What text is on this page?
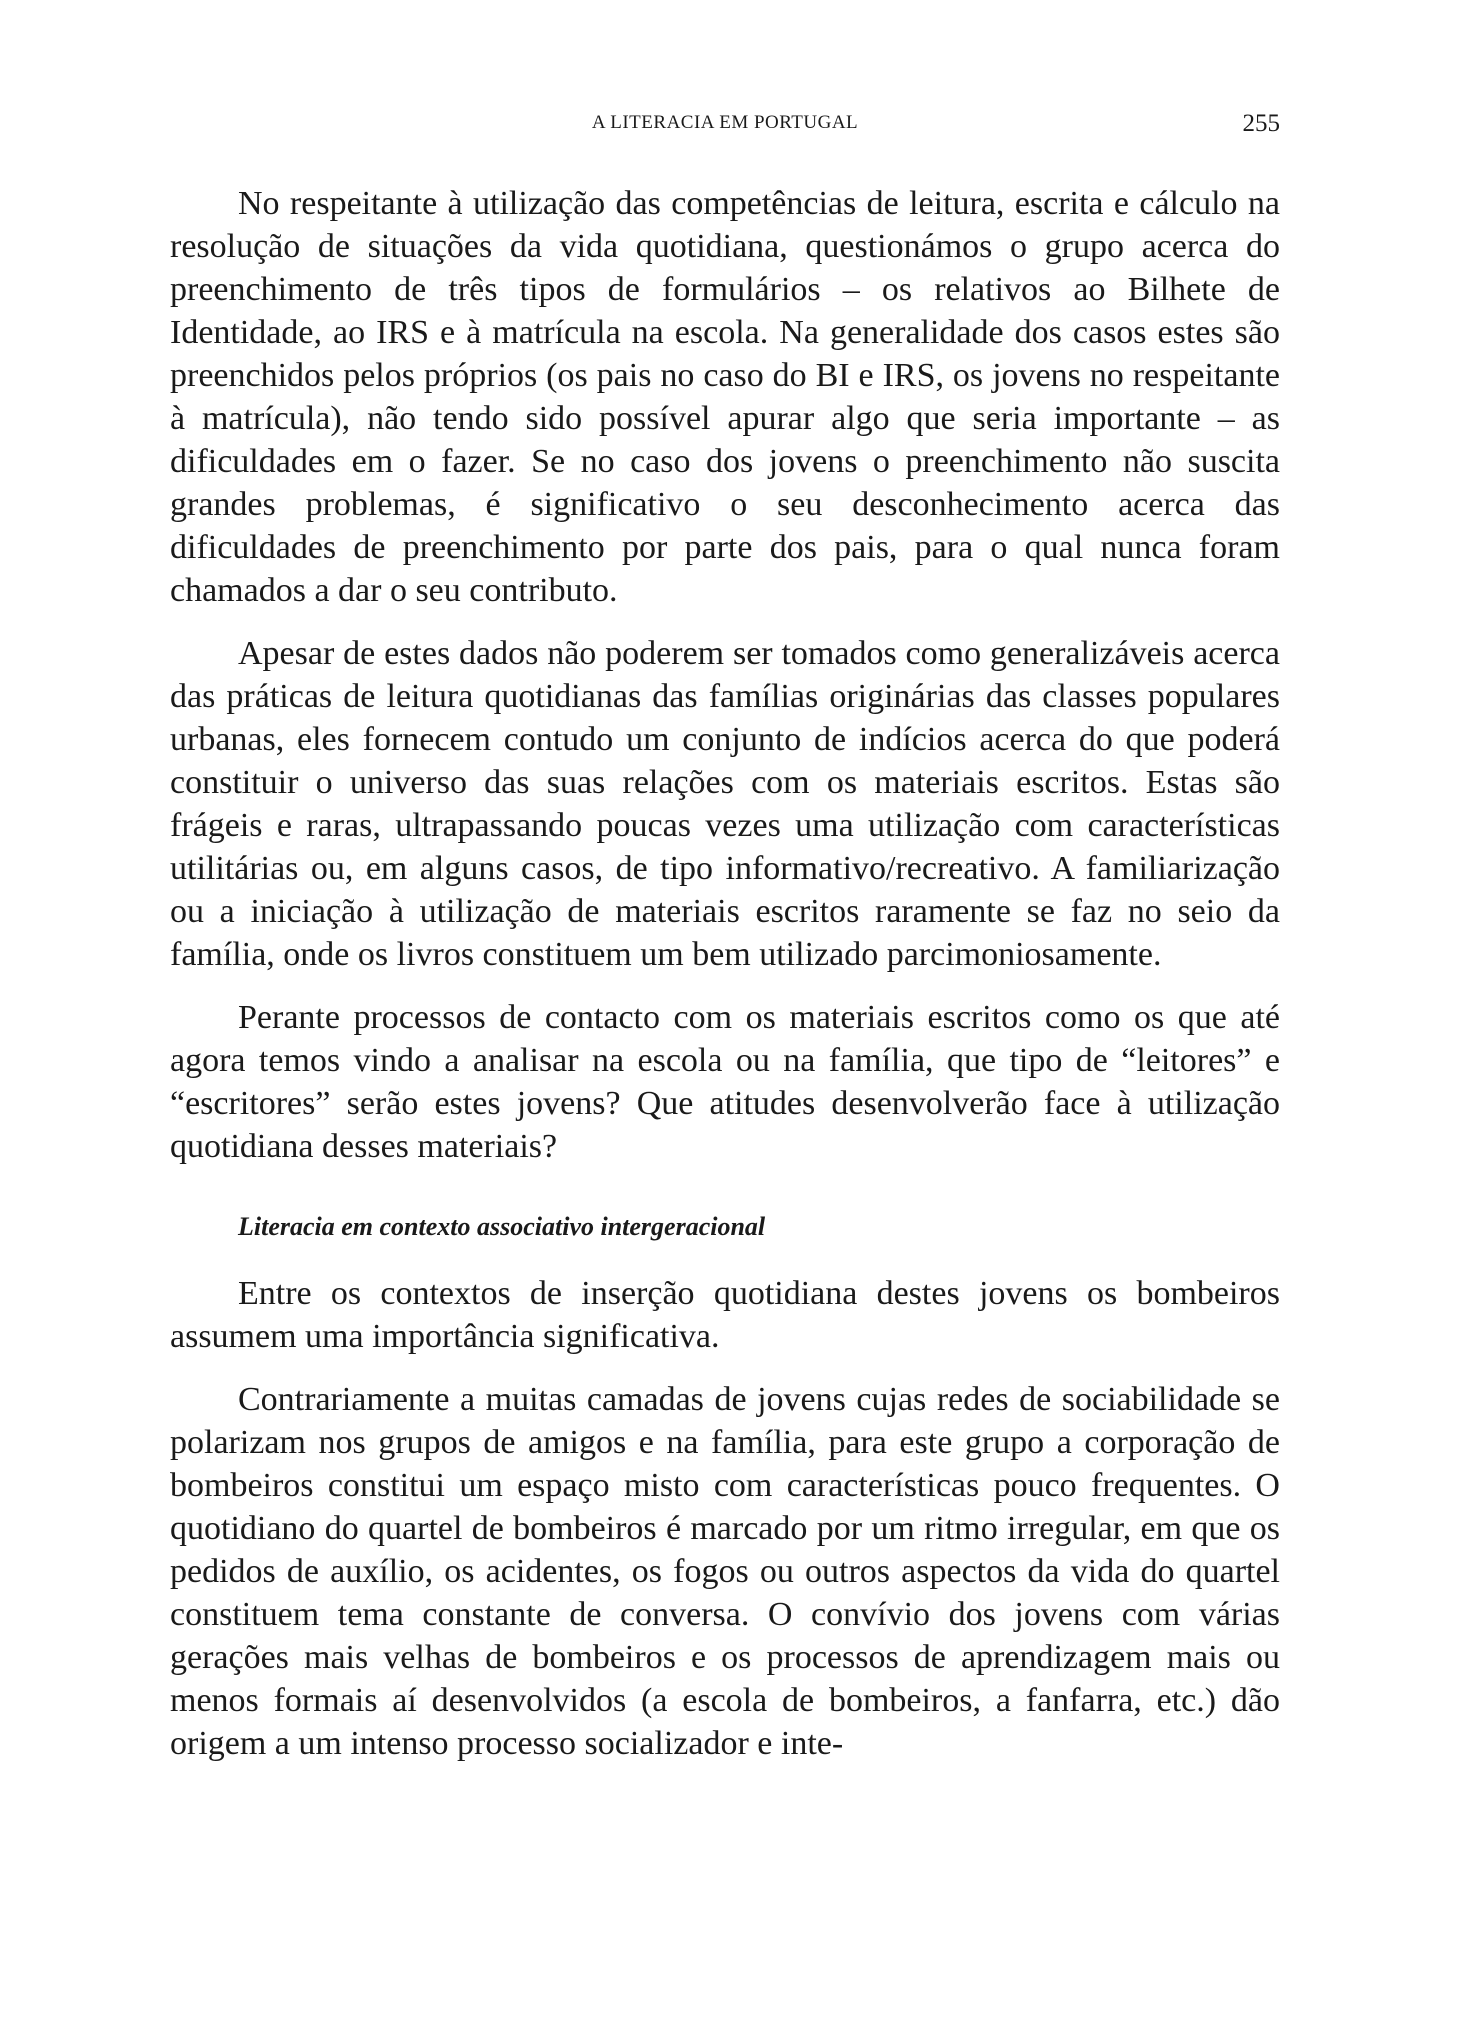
A LITERACIA EM PORTUGAL	255

No respeitante à utilização das competências de leitura, escrita e cálculo na resolução de situações da vida quotidiana, questionámos o grupo acerca do preenchimento de três tipos de formulários – os relativos ao Bilhete de Identidade, ao IRS e à matrícula na escola. Na generalidade dos casos estes são preenchidos pelos próprios (os pais no caso do BI e IRS, os jovens no respeitante à matrícula), não tendo sido possível apurar algo que seria importante – as dificuldades em o fazer. Se no caso dos jovens o preenchimento não suscita grandes problemas, é significativo o seu desconhecimento acerca das dificuldades de preenchimento por parte dos pais, para o qual nunca foram chamados a dar o seu contributo.

Apesar de estes dados não poderem ser tomados como generalizáveis acerca das práticas de leitura quotidianas das famílias originárias das classes populares urbanas, eles fornecem contudo um conjunto de indícios acerca do que poderá constituir o universo das suas relações com os materiais escritos. Estas são frágeis e raras, ultrapassando poucas vezes uma utilização com características utilitárias ou, em alguns casos, de tipo informativo/recreativo. A familiarização ou a iniciação à utilização de materiais escritos raramente se faz no seio da família, onde os livros constituem um bem utilizado parcimoniosamente.

Perante processos de contacto com os materiais escritos como os que até agora temos vindo a analisar na escola ou na família, que tipo de “leitores” e “escritores” serão estes jovens? Que atitudes desenvolverão face à utilização quotidiana desses materiais?

Literacia em contexto associativo intergeracional

Entre os contextos de inserção quotidiana destes jovens os bombeiros assumem uma importância significativa.

Contrariamente a muitas camadas de jovens cujas redes de sociabilidade se polarizam nos grupos de amigos e na família, para este grupo a corporação de bombeiros constitui um espaço misto com características pouco frequentes. O quotidiano do quartel de bombeiros é marcado por um ritmo irregular, em que os pedidos de auxílio, os acidentes, os fogos ou outros aspectos da vida do quartel constituem tema constante de conversa. O convívio dos jovens com várias gerações mais velhas de bombeiros e os processos de aprendizagem mais ou menos formais aí desenvolvidos (a escola de bombeiros, a fanfarra, etc.) dão origem a um intenso processo socializador e inte-
